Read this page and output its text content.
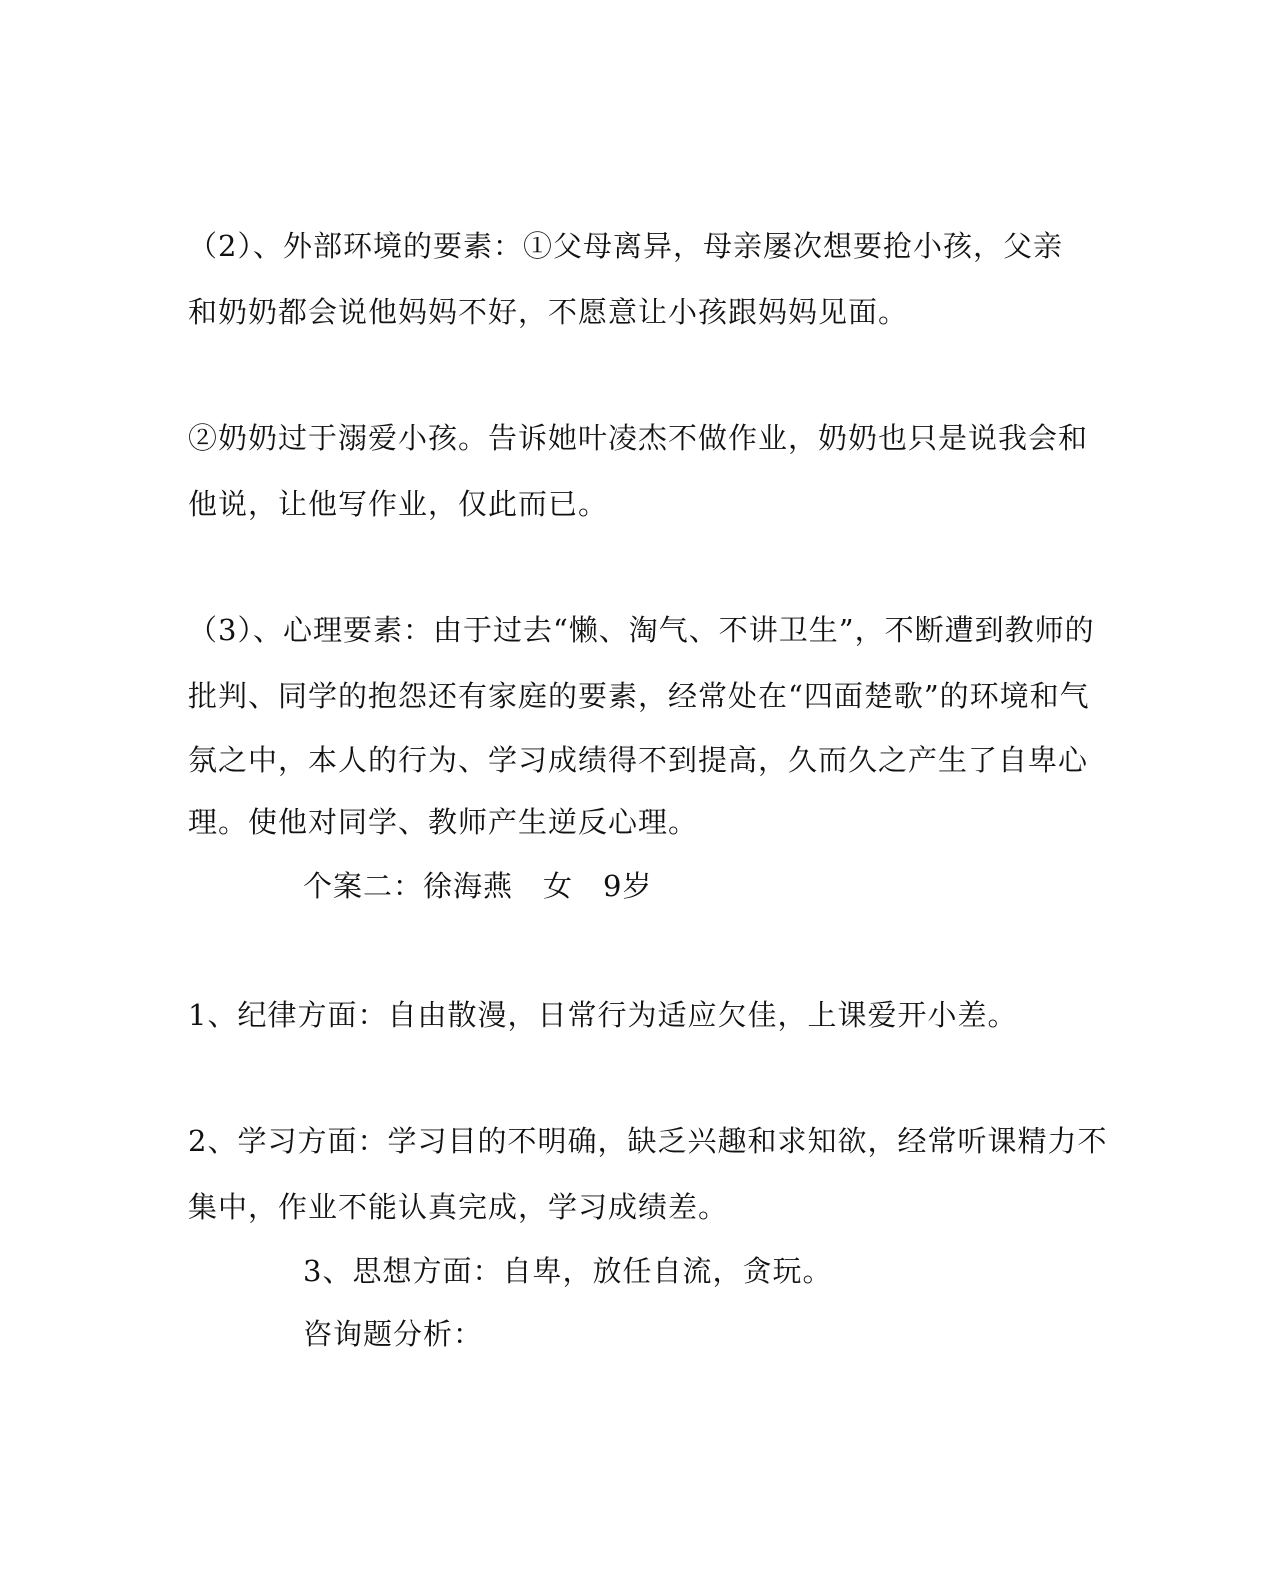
（2）、外部环境的要素：①父母离异，母亲屡次想要抢小孩，父亲
和奶奶都会说他妈妈不好，不愿意让小孩跟妈妈见面。
②奶奶过于溺爱小孩。告诉她叶凌杰不做作业，奶奶也只是说我会和
他说，让他写作业，仅此而已。
（3）、心理要素：由于过去“懒、淘气、不讲卫生”，不断遭到教师的
批判、同学的抱怨还有家庭的要素，经常处在“四面楚歌”的环境和气
氛之中，本人的行为、学习成绩得不到提高，久而久之产生了自卑心
理。使他对同学、教师产生逆反心理。
个案二：徐海燕　女　9岁
1、纪律方面：自由散漫，日常行为适应欠佳，上课爱开小差。
2、学习方面：学习目的不明确，缺乏兴趣和求知欲，经常听课精力不
集中，作业不能认真完成，学习成绩差。
3、思想方面：自卑，放任自流，贪玩。
咨询题分析：
